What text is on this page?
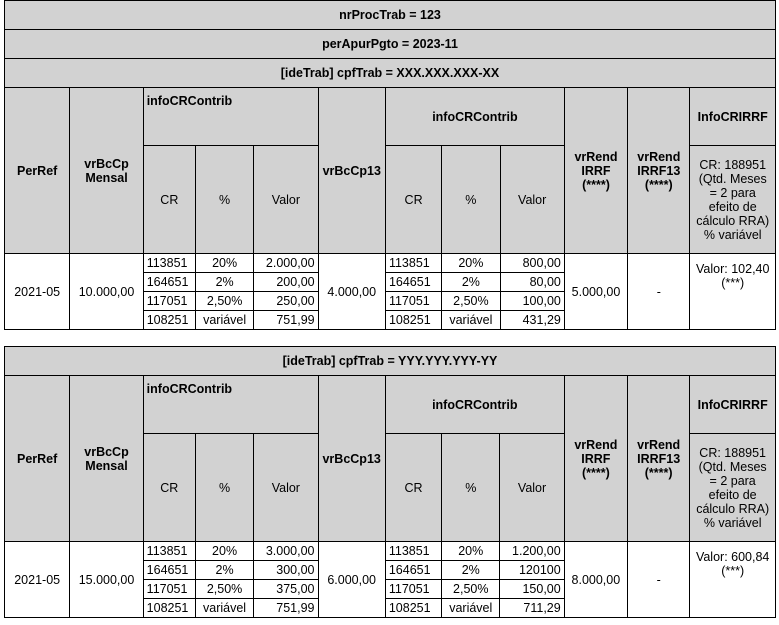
nrProcTrab = 123											
perApurPgto = 2023-11											
[ideTrab] cpfTrab = XXX.XXX.XXX-XX											
PerRef	vrBcCp Mensal	infoCRContrib			vrBcCp13	infoCRContrib			vrRend IRRF (****)	vrRend IRRF13 (****)	InfoCRIRRF
		CR	%	Valor		CR	%	Valor			CR: 188951 (Qtd. Meses = 2 para efeito de cálculo RRA) % variável
2021-05	10.000,00	113851	20%	2.000,00	4.000,00	113851	20%	800,00	5.000,00	-	Valor: 102,40 (***)
		164651	2%	200,00		164651	2%	80,00			
		117051	2,50%	250,00		117051	2,50%	100,00			
		108251	variável	751,99		108251	variável	431,29			
[ideTrab] cpfTrab = YYY.YYY.YYY-YY											
PerRef	vrBcCp Mensal	infoCRContrib			vrBcCp13	infoCRContrib			vrRend IRRF (****)	vrRend IRRF13 (****)	InfoCRIRRF
		CR	%	Valor		CR	%	Valor			CR: 188951 (Qtd. Meses = 2 para efeito de cálculo RRA) % variável
2021-05	15.000,00	113851	20%	3.000,00	6.000,00	113851	20%	1.200,00	8.000,00	-	Valor: 600,84 (***)
		164651	2%	300,00		164651	2%	120100			
		117051	2,50%	375,00		117051	2,50%	150,00			
		108251	variável	751,99		108251	variável	711,29			
